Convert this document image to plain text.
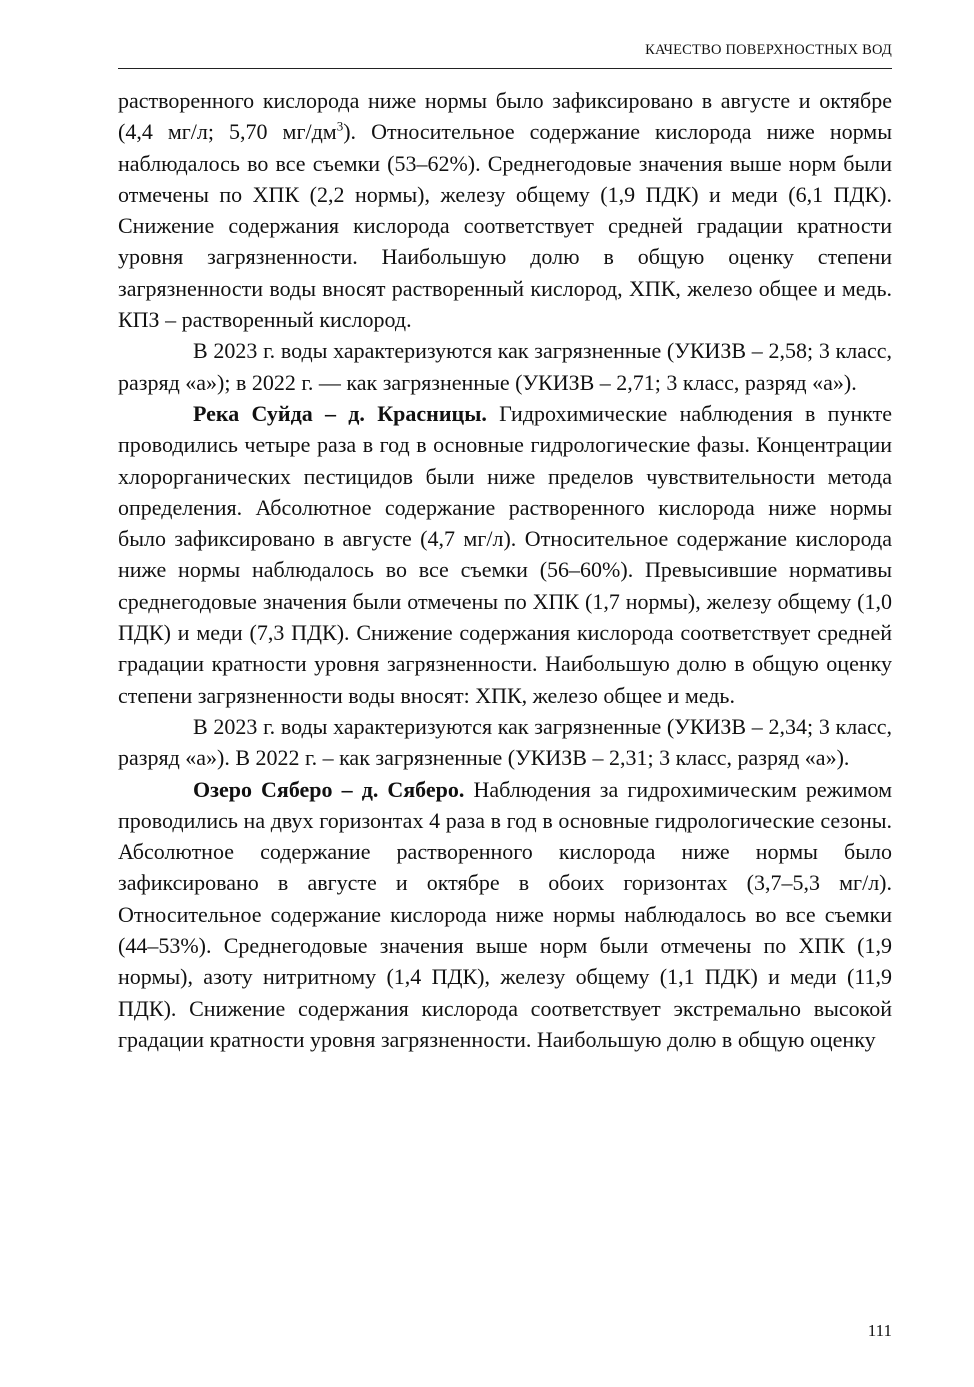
КАЧЕСТВО ПОВЕРХНОСТНЫХ ВОД

растворенного кислорода ниже нормы было зафиксировано в августе и октябре (4,4 мг/л; 5,70 $мг/дм^3$). Относительное содержание кислорода ниже нормы наблюдалось во все съемки (53–62%). Среднегодовые значения выше норм были отмечены по ХПК (2,2 нормы), железу общему (1,9 ПДК) и меди (6,1 ПДК). Снижение содержания кислорода соответствует средней градации кратности уровня загрязненности. Наибольшую долю в общую оценку степени загрязненности воды вносят растворенный кислород, ХПК, железо общее и медь. КПЗ – растворенный кислород.

В 2023 г. воды характеризуются как загрязненные (УКИЗВ – 2,58; 3 класс, разряд «а»); в 2022 г. — как загрязненные (УКИЗВ – 2,71; 3 класс, разряд «а»).

Река Суйда – д. Красницы. Гидрохимические наблюдения в пункте проводились четыре раза в год в основные гидрологические фазы. Концентрации хлорорганических пестицидов были ниже пределов чувствительности метода определения. Абсолютное содержание растворенного кислорода ниже нормы было зафиксировано в августе (4,7 мг/л). Относительное содержание кислорода ниже нормы наблюдалось во все съемки (56–60%). Превысившие нормативы среднегодовые значения были отмечены по ХПК (1,7 нормы), железу общему (1,0 ПДК) и меди (7,3 ПДК). Снижение содержания кислорода соответствует средней градации кратности уровня загрязненности. Наибольшую долю в общую оценку степени загрязненности воды вносят: ХПК, железо общее и медь.

В 2023 г. воды характеризуются как загрязненные (УКИЗВ – 2,34; 3 класс, разряд «а»). В 2022 г. – как загрязненные (УКИЗВ – 2,31; 3 класс, разряд «а»).

Озеро Сяберо – д. Сяберо. Наблюдения за гидрохимическим режимом проводились на двух горизонтах 4 раза в год в основные гидрологические сезоны. Абсолютное содержание растворенного кислорода ниже нормы было зафиксировано в августе и октябре в обоих горизонтах (3,7–5,3 мг/л). Относительное содержание кислорода ниже нормы наблюдалось во все съемки (44–53%). Среднегодовые значения выше норм были отмечены по ХПК (1,9 нормы), азоту нитритному (1,4 ПДК), железу общему (1,1 ПДК) и меди (11,9 ПДК). Снижение содержания кислорода соответствует экстремально высокой градации кратности уровня загрязненности. Наибольшую долю в общую оценку

111
